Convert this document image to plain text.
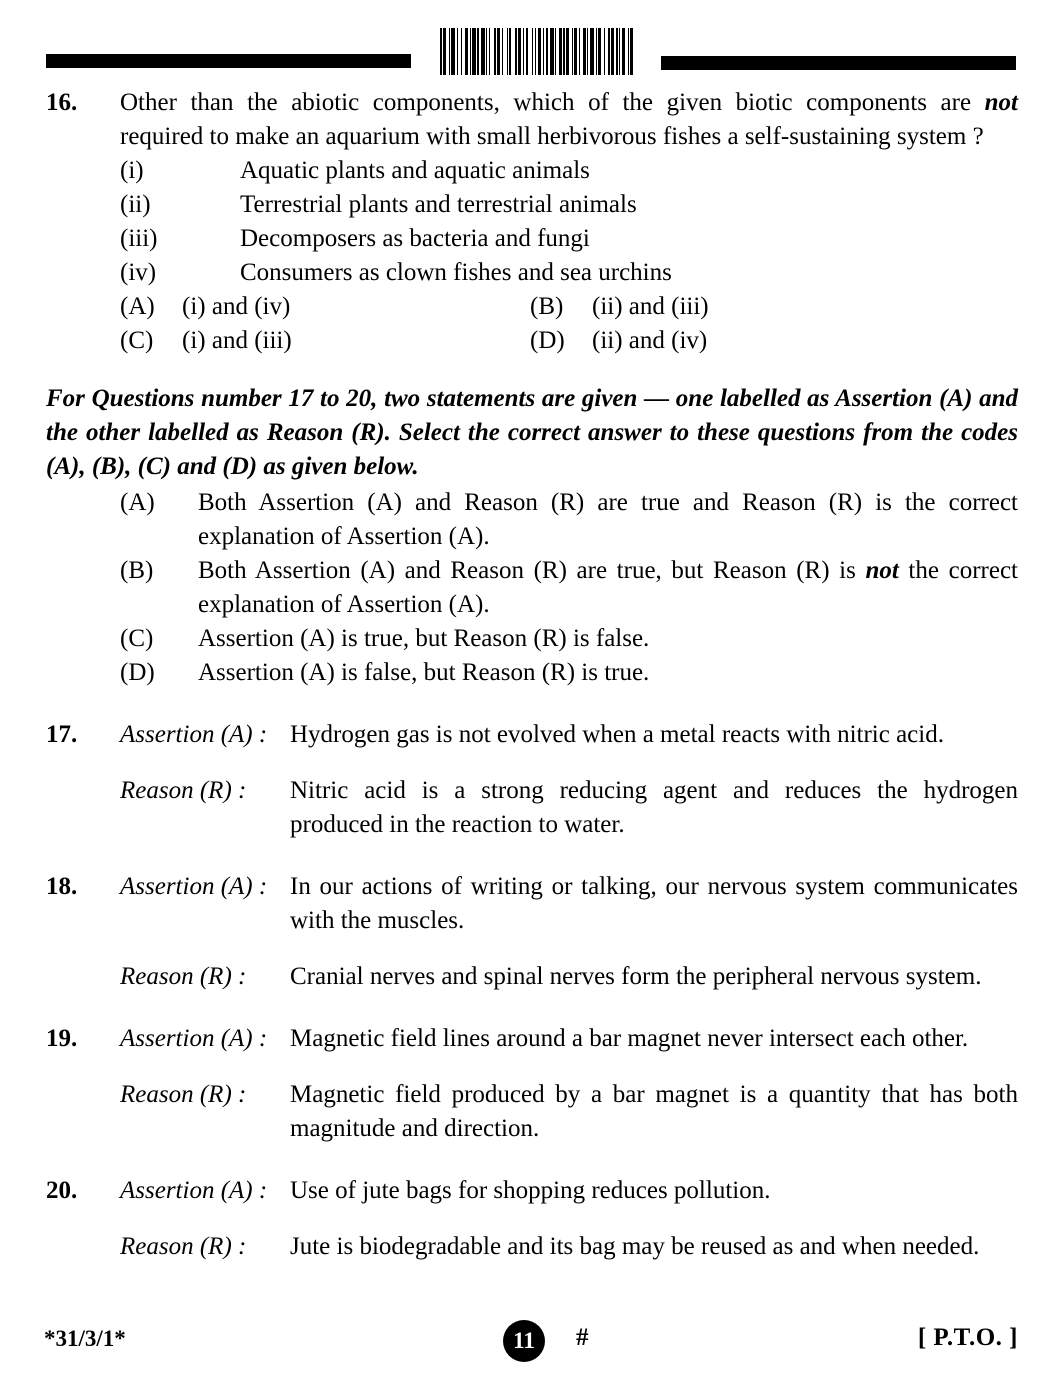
16.	Other than the abiotic components, which of the given biotic components are not required to make an aquarium with small herbivorous fishes a self-sustaining system ?
(i)	Aquatic plants and aquatic animals
(ii)	Terrestrial plants and terrestrial animals
(iii)	Decomposers as bacteria and fungi
(iv)	Consumers as clown fishes and sea urchins
(A)	(i) and (iv)	(B)	(ii) and (iii)
(C)	(i) and (iii)	(D)	(ii) and (iv)
For Questions number 17 to 20, two statements are given — one labelled as Assertion (A) and the other labelled as Reason (R). Select the correct answer to these questions from the codes (A), (B), (C) and (D) as given below.
(A)	Both Assertion (A) and Reason (R) are true and Reason (R) is the correct explanation of Assertion (A).
(B)	Both Assertion (A) and Reason (R) are true, but Reason (R) is not the correct explanation of Assertion (A).
(C)	Assertion (A) is true, but Reason (R) is false.
(D)	Assertion (A) is false, but Reason (R) is true.
17.	Assertion (A) : Hydrogen gas is not evolved when a metal reacts with nitric acid.
Reason (R) :	Nitric acid is a strong reducing agent and reduces the hydrogen produced in the reaction to water.
18.	Assertion (A) : In our actions of writing or talking, our nervous system communicates with the muscles.
Reason (R) :	Cranial nerves and spinal nerves form the peripheral nervous system.
19.	Assertion (A) : Magnetic field lines around a bar magnet never intersect each other.
Reason (R) :	Magnetic field produced by a bar magnet is a quantity that has both magnitude and direction.
20.	Assertion (A) : Use of jute bags for shopping reduces pollution.
Reason (R) :	Jute is biodegradable and its bag may be reused as and when needed.
*31/3/1*	11	#	[ P.T.O. ]
